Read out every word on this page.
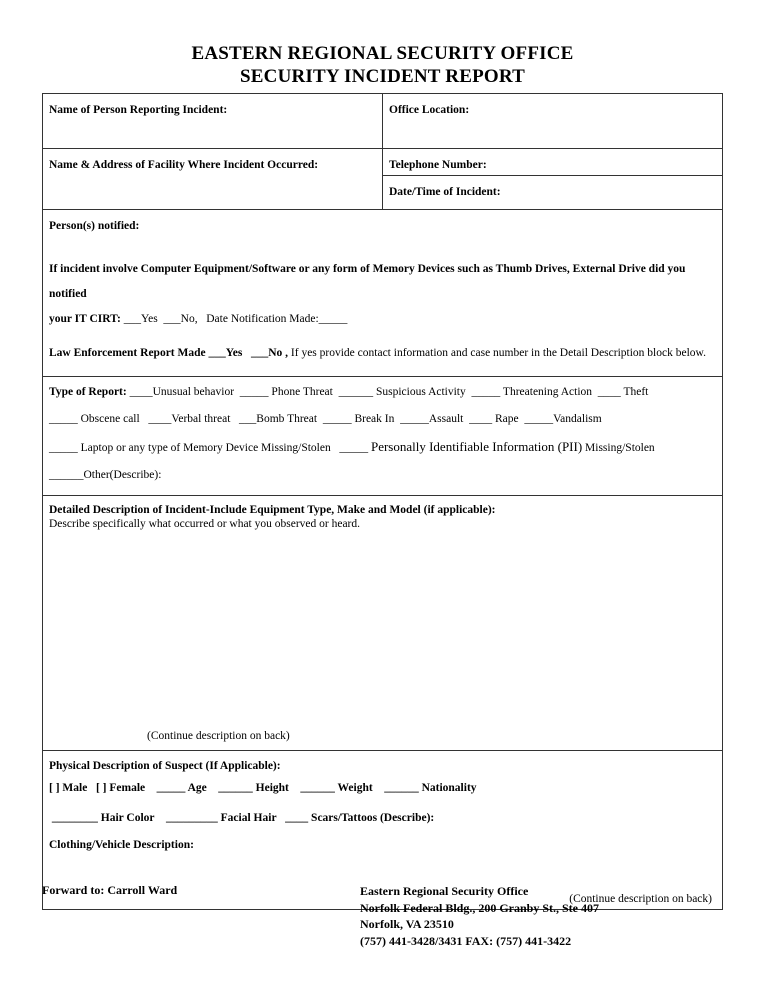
EASTERN REGIONAL SECURITY OFFICE
SECURITY INCIDENT REPORT
Name of Person Reporting Incident:	Office Location:
Name & Address of Facility Where Incident Occurred:	Telephone Number:
Date/Time of Incident:
Person(s) notified:
If incident involve Computer Equipment/Software or any form of Memory Devices such as Thumb Drives, External Drive did you notified
your IT CIRT: ___Yes ___No, Date Notification Made:_____
Law Enforcement Report Made ___Yes ___No , If yes provide contact information and case number in the Detail Description block below.
Type of Report: ____Unusual behavior _____ Phone Threat ______ Suspicious Activity _____ Threatening Action ____ Theft
_____ Obscene call ____Verbal threat ___Bomb Threat _____ Break In _____Assault ____ Rape _____Vandalism
_____ Laptop or any type of Memory Device Missing/Stolen _____ Personally Identifiable Information (PII) Missing/Stolen
______Other(Describe):
Detailed Description of Incident-Include Equipment Type, Make and Model (if applicable):
Describe specifically what occurred or what you observed or heard.
(Continue description on back)
Physical Description of Suspect (If Applicable):
[ ] Male [ ] Female _____ Age ______ Height ______ Weight ______ Nationality
________ Hair Color _________ Facial Hair ____ Scars/Tattoos (Describe):
Clothing/Vehicle Description:
(Continue description on back)
Forward to: Carroll Ward	Eastern Regional Security Office
Norfolk Federal Bldg., 200 Granby St., Ste 407
Norfolk, VA 23510
(757) 441-3428/3431 FAX: (757) 441-3422
